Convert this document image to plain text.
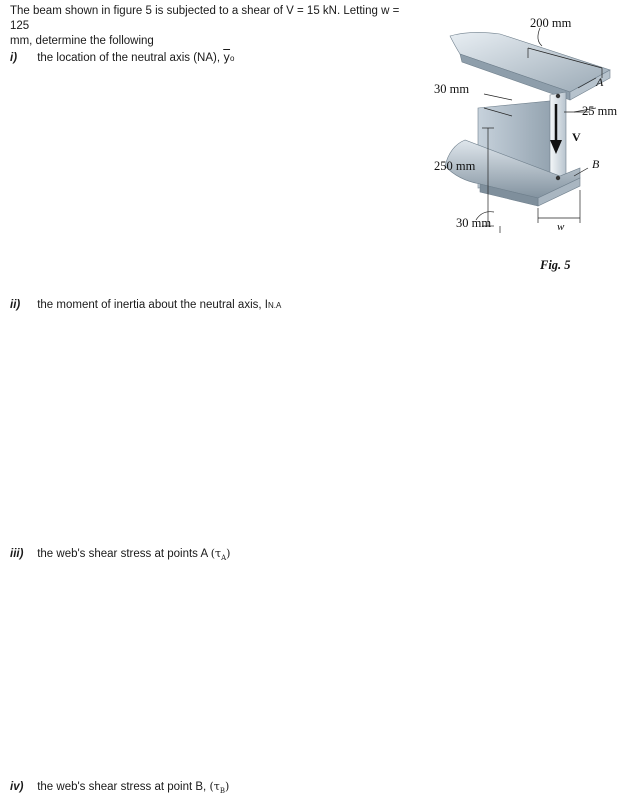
The beam shown in figure 5 is subjected to a shear of V = 15 kN. Letting w = 125
mm, determine the following
i) the location of the neutral axis (NA), $\overline{y}o$
ii) the moment of inertia about the neutral axis, IN.A
iii) the web's shear stress at points A $(\tau_A)$
iv) the web's shear stress at point B, $(\tau_B)$
200 mm
30 mm
25 mm
250 mm
30 mm
A
B
V
w
Fig. 5
